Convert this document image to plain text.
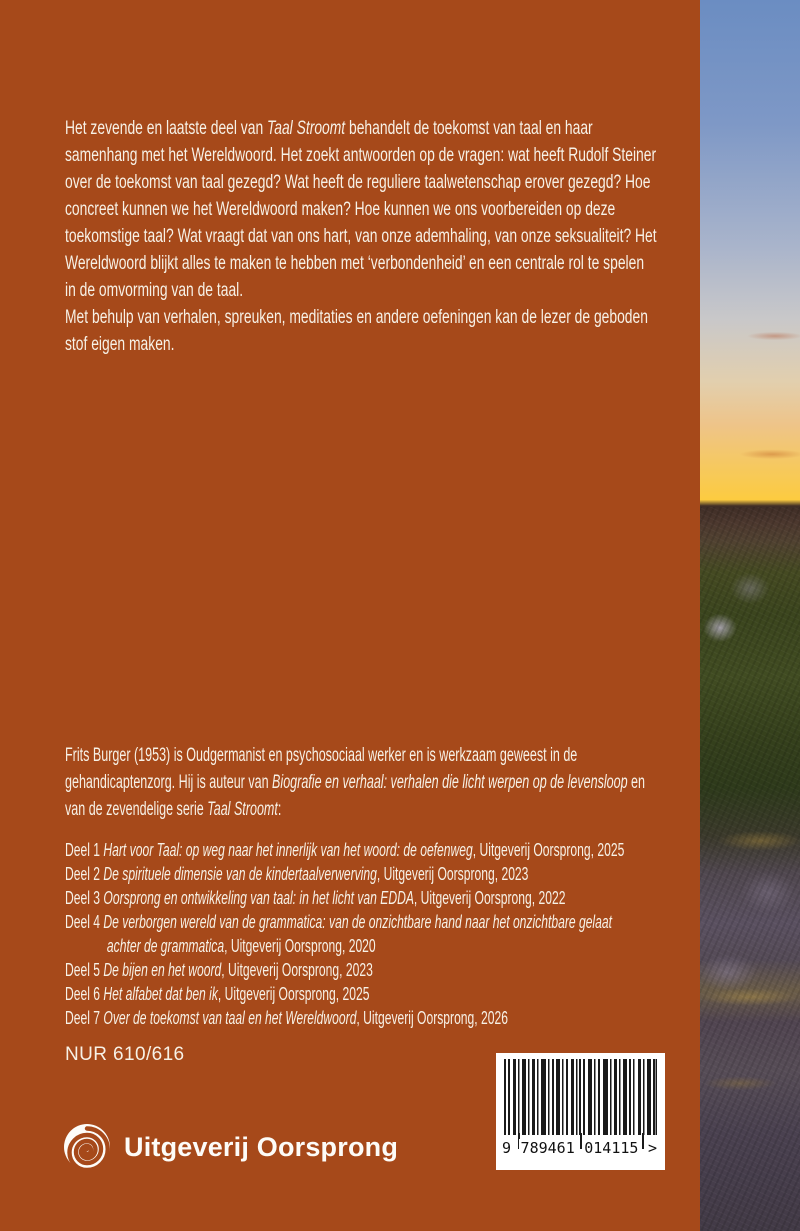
Het zevende en laatste deel van Taal Stroomt behandelt de toekomst van taal en haar samenhang met het Wereldwoord. Het zoekt antwoorden op de vragen: wat heeft Rudolf Steiner over de toekomst van taal gezegd? Wat heeft de reguliere taalwetenschap erover gezegd? Hoe concreet kunnen we het Wereldwoord maken? Hoe kunnen we ons voorbereiden op deze toekomstige taal? Wat vraagt dat van ons hart, van onze ademhaling, van onze seksualiteit? Het Wereldwoord blijkt alles te maken te hebben met ‘verbondenheid’ en een centrale rol te spelen in de omvorming van de taal.
Met behulp van verhalen, spreuken, meditaties en andere oefeningen kan de lezer de geboden stof eigen maken.
Frits Burger (1953) is Oudgermanist en psychosociaal werker en is werkzaam geweest in de gehandicaptenzorg. Hij is auteur van Biografie en verhaal: verhalen die licht werpen op de levensloop en van de zevendelige serie Taal Stroomt:
Deel 1 Hart voor Taal: op weg naar het innerlijk van het woord: de oefenweg, Uitgeverij Oorsprong, 2025
Deel 2 De spirituele dimensie van de kindertaalverwerving, Uitgeverij Oorsprong, 2023
Deel 3 Oorsprong en ontwikkeling van taal: in het licht van EDDA, Uitgeverij Oorsprong, 2022
Deel 4 De verborgen wereld van de grammatica: van de onzichtbare hand naar het onzichtbare gelaat
achter de grammatica, Uitgeverij Oorsprong, 2020
Deel 5 De bijen en het woord, Uitgeverij Oorsprong, 2023
Deel 6 Het alfabet dat ben ik, Uitgeverij Oorsprong, 2025
Deel 7 Over de toekomst van taal en het Wereldwoord, Uitgeverij Oorsprong, 2026
NUR 610/616
Uitgeverij Oorsprong	9 789461 014115 >
